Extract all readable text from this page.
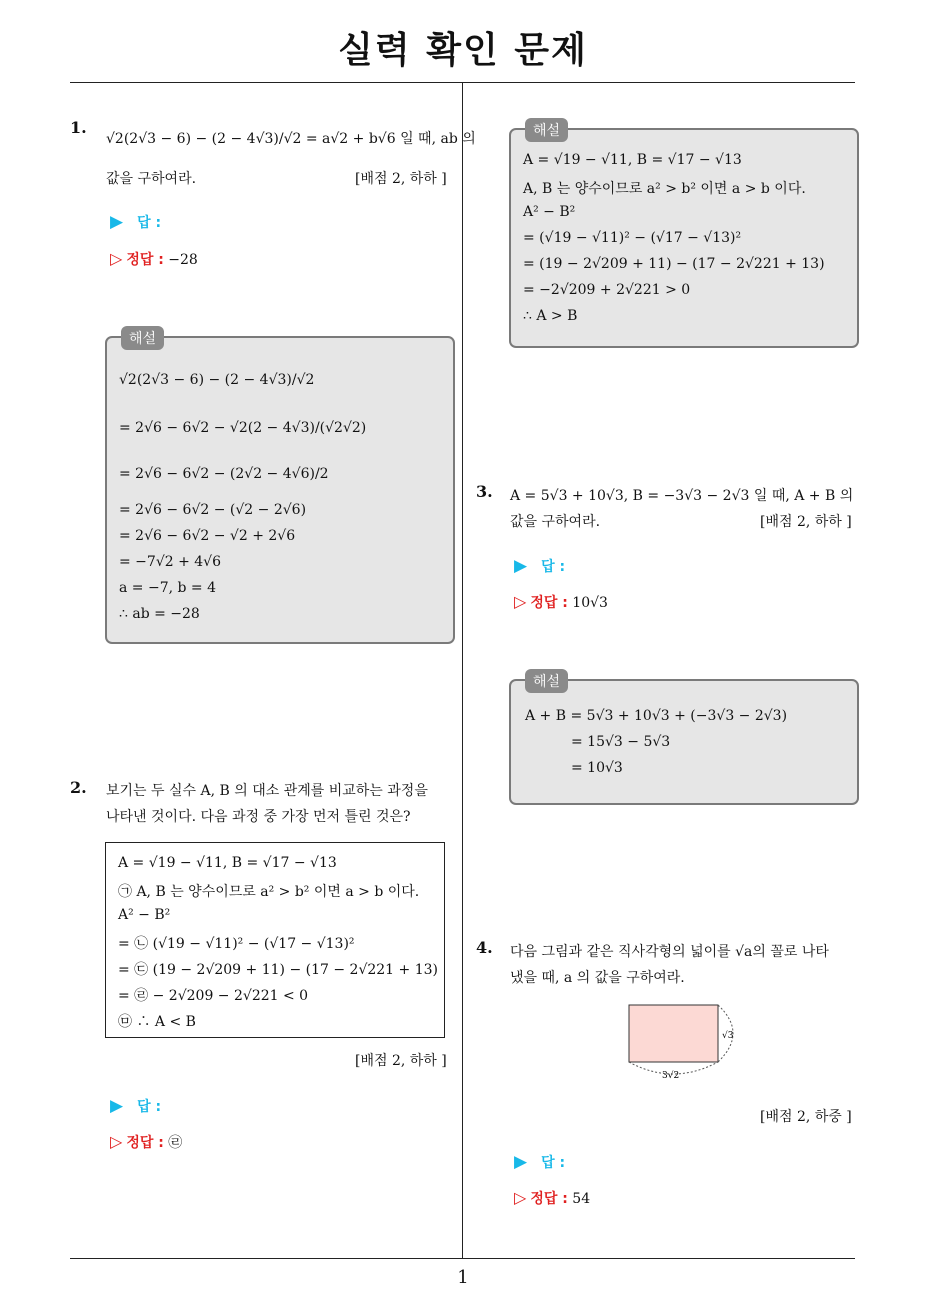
실력 확인 문제
1
1.
√2(2√3 − 6) − (2 − 4√3)/√2 = a√2 + b√6 일 때, ab 의
값을 구하여라.	[배점 2, 하하 ]
▶ 답 :
▷ 정답 : −28
해설
√2(2√3 − 6) − (2 − 4√3)/√2
= 2√6 − 6√2 − √2(2 − 4√3)/(√2√2)
= 2√6 − 6√2 − (2√2 − 4√6)/2
= 2√6 − 6√2 − (√2 − 2√6)
= 2√6 − 6√2 − √2 + 2√6
= −7√2 + 4√6
a = −7, b = 4
∴ ab = −28
2. 보기는 두 실수 A, B 의 대소 관계를 비교하는 과정을
나타낸 것이다. 다음 과정 중 가장 먼저 틀린 것은?
A = √19 − √11, B = √17 − √13
㉠ A, B 는 양수이므로 a² > b² 이면 a > b 이다.
A² − B²
= ㉡ (√19 − √11)² − (√17 − √13)²
= ㉢ (19 − 2√209 + 11) − (17 − 2√221 + 13)
= ㉣ − 2√209 − 2√221 < 0
㉤ ∴ A < B
[배점 2, 하하 ]
▶ 답 :
▷ 정답 : ㉣
해설
A = √19 − √11, B = √17 − √13
A, B 는 양수이므로 a² > b² 이면 a > b 이다.
A² − B²
= (√19 − √11)² − (√17 − √13)²
= (19 − 2√209 + 11) − (17 − 2√221 + 13)
= −2√209 + 2√221 > 0
∴ A > B
3. A = 5√3 + 10√3, B = −3√3 − 2√3 일 때, A + B 의
값을 구하여라.	[배점 2, 하하 ]
▶ 답 :
▷ 정답 : 10√3
해설
A + B = 5√3 + 10√3 + (−3√3 − 2√3)
= 15√3 − 5√3
= 10√3
4. 다음 그림과 같은 직사각형의 넓이를 √a의 꼴로 나타
냈을 때, a 의 값을 구하여라.
√3
3√2
[배점 2, 하중 ]
▶ 답 :
▷ 정답 : 54
